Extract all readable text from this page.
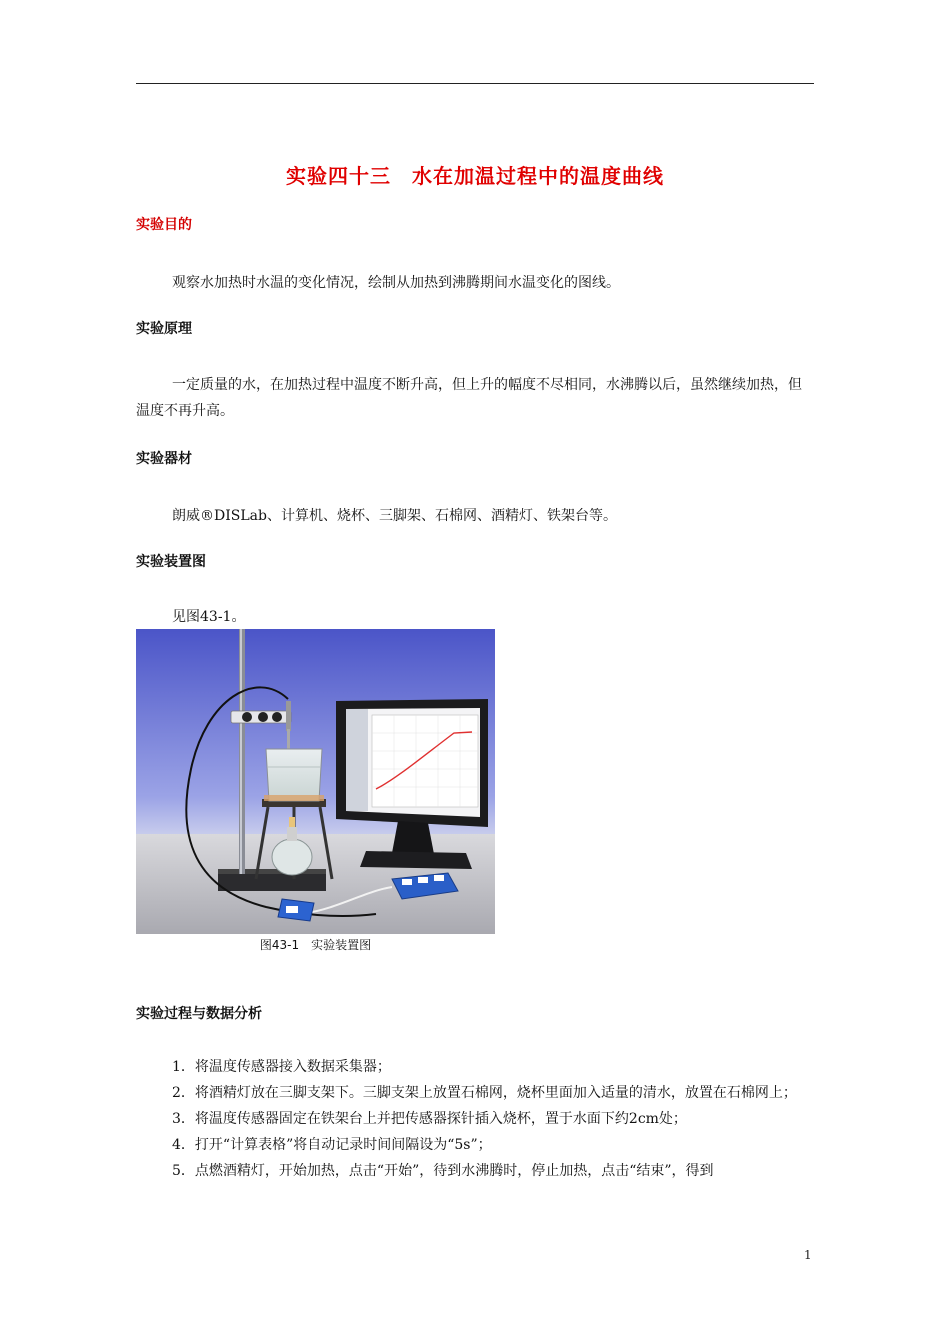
实验四十三　水在加温过程中的温度曲线
实验目的
观察水加热时水温的变化情况，绘制从加热到沸腾期间水温变化的图线。
实验原理
一定质量的水，在加热过程中温度不断升高，但上升的幅度不尽相同，水沸腾以后，虽然继续加热，但温度不再升高。
实验器材
朗威®DISLab、计算机、烧杯、三脚架、石棉网、酒精灯、铁架台等。
实验装置图
见图43-1。
图43-1　实验装置图
实验过程与数据分析
1．将温度传感器接入数据采集器；
2．将酒精灯放在三脚支架下。三脚支架上放置石棉网，烧杯里面加入适量的清水，放置在石棉网上；
3．将温度传感器固定在铁架台上并把传感器探针插入烧杯，置于水面下约2cm处；
4．打开“计算表格”将自动记录时间间隔设为“5s”；
5．点燃酒精灯，开始加热，点击“开始”，待到水沸腾时，停止加热，点击“结束”，得到
1
